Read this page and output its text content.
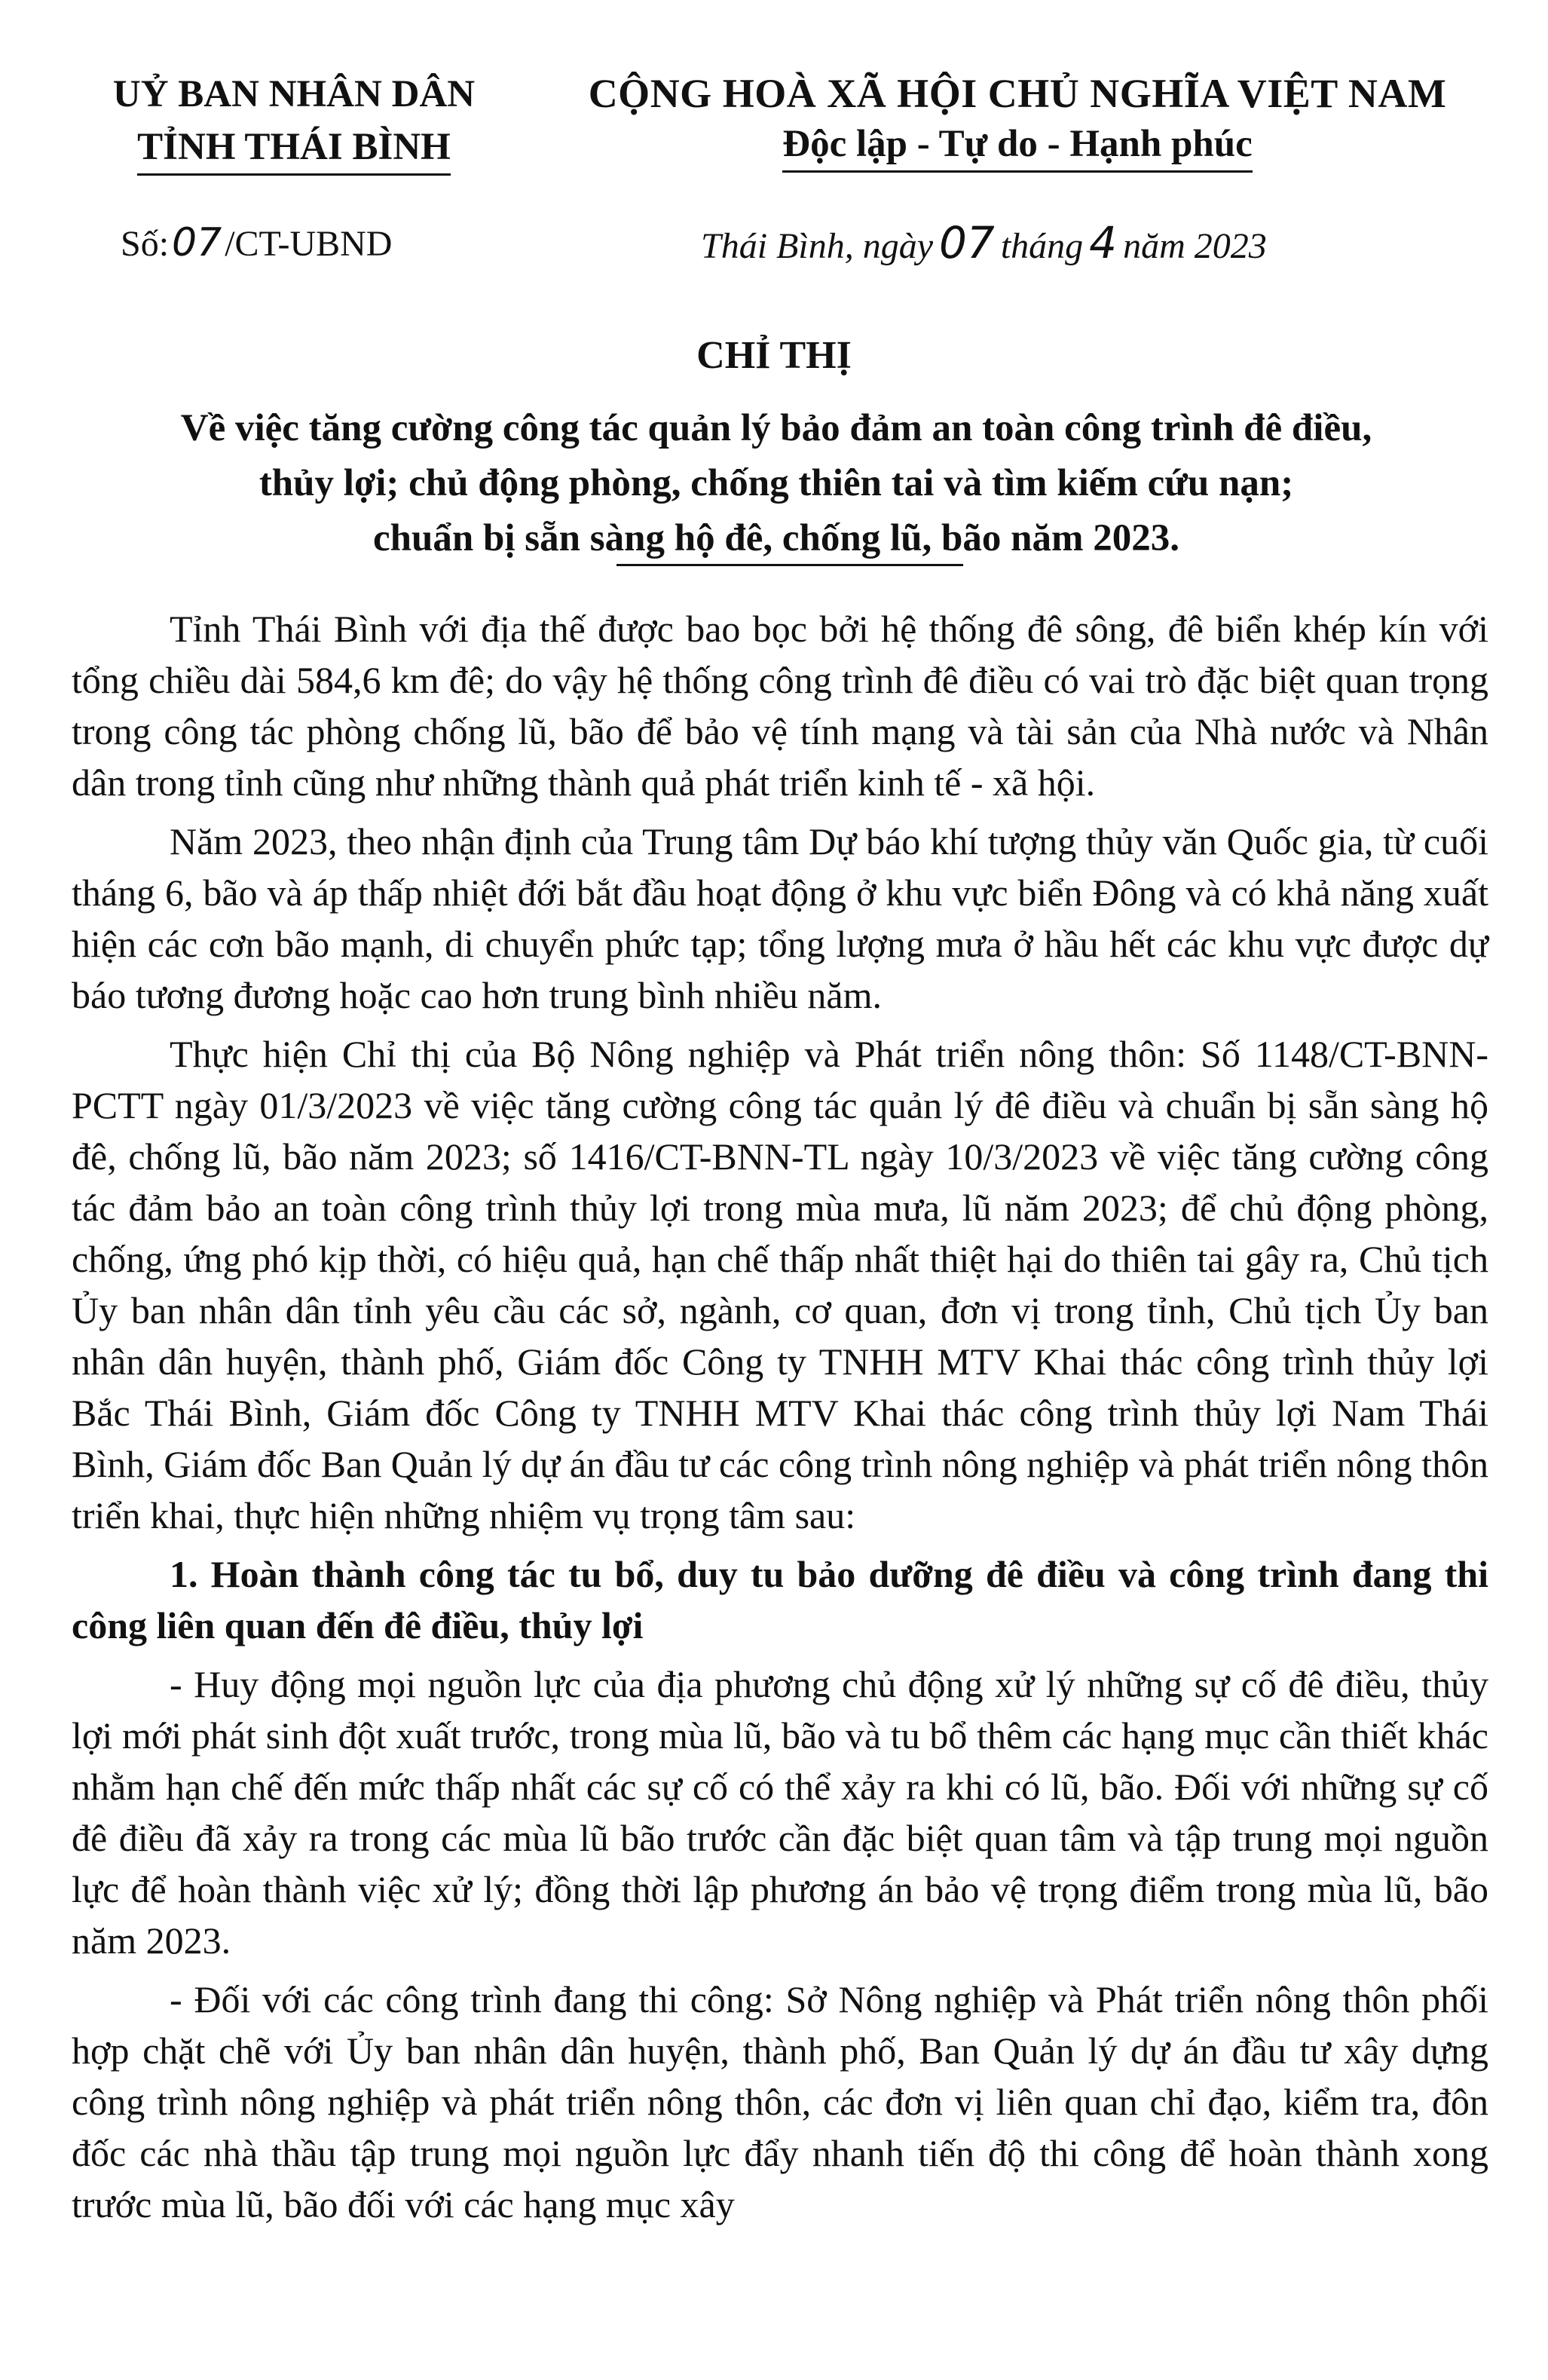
UỶ BAN NHÂN DÂN
TỈNH THÁI BÌNH
CỘNG HOÀ XÃ HỘI CHỦ NGHĨA VIỆT NAM
Độc lập - Tự do - Hạnh phúc
Số:07/CT-UBND	Thái Bình, ngày 07 tháng 4 năm 2023
CHỈ THỊ
Về việc tăng cường công tác quản lý bảo đảm an toàn công trình đê điều,
thủy lợi; chủ động phòng, chống thiên tai và tìm kiếm cứu nạn;
chuẩn bị sẵn sàng hộ đê, chống lũ, bão năm 2023.

Tỉnh Thái Bình với địa thế được bao bọc bởi hệ thống đê sông, đê biển khép kín với tổng chiều dài 584,6 km đê; do vậy hệ thống công trình đê điều có vai trò đặc biệt quan trọng trong công tác phòng chống lũ, bão để bảo vệ tính mạng và tài sản của Nhà nước và Nhân dân trong tỉnh cũng như những thành quả phát triển kinh tế - xã hội.

Năm 2023, theo nhận định của Trung tâm Dự báo khí tượng thủy văn Quốc gia, từ cuối tháng 6, bão và áp thấp nhiệt đới bắt đầu hoạt động ở khu vực biển Đông và có khả năng xuất hiện các cơn bão mạnh, di chuyển phức tạp; tổng lượng mưa ở hầu hết các khu vực được dự báo tương đương hoặc cao hơn trung bình nhiều năm.

Thực hiện Chỉ thị của Bộ Nông nghiệp và Phát triển nông thôn: Số 1148/CT-BNN-PCTT ngày 01/3/2023 về việc tăng cường công tác quản lý đê điều và chuẩn bị sẵn sàng hộ đê, chống lũ, bão năm 2023; số 1416/CT-BNN-TL ngày 10/3/2023 về việc tăng cường công tác đảm bảo an toàn công trình thủy lợi trong mùa mưa, lũ năm 2023; để chủ động phòng, chống, ứng phó kịp thời, có hiệu quả, hạn chế thấp nhất thiệt hại do thiên tai gây ra, Chủ tịch Ủy ban nhân dân tỉnh yêu cầu các sở, ngành, cơ quan, đơn vị trong tỉnh, Chủ tịch Ủy ban nhân dân huyện, thành phố, Giám đốc Công ty TNHH MTV Khai thác công trình thủy lợi Bắc Thái Bình, Giám đốc Công ty TNHH MTV Khai thác công trình thủy lợi Nam Thái Bình, Giám đốc Ban Quản lý dự án đầu tư các công trình nông nghiệp và phát triển nông thôn triển khai, thực hiện những nhiệm vụ trọng tâm sau:

1. Hoàn thành công tác tu bổ, duy tu bảo dưỡng đê điều và công trình đang thi công liên quan đến đê điều, thủy lợi

- Huy động mọi nguồn lực của địa phương chủ động xử lý những sự cố đê điều, thủy lợi mới phát sinh đột xuất trước, trong mùa lũ, bão và tu bổ thêm các hạng mục cần thiết khác nhằm hạn chế đến mức thấp nhất các sự cố có thể xảy ra khi có lũ, bão. Đối với những sự cố đê điều đã xảy ra trong các mùa lũ bão trước cần đặc biệt quan tâm và tập trung mọi nguồn lực để hoàn thành việc xử lý; đồng thời lập phương án bảo vệ trọng điểm trong mùa lũ, bão năm 2023.

- Đối với các công trình đang thi công: Sở Nông nghiệp và Phát triển nông thôn phối hợp chặt chẽ với Ủy ban nhân dân huyện, thành phố, Ban Quản lý dự án đầu tư xây dựng công trình nông nghiệp và phát triển nông thôn, các đơn vị liên quan chỉ đạo, kiểm tra, đôn đốc các nhà thầu tập trung mọi nguồn lực đẩy nhanh tiến độ thi công để hoàn thành xong trước mùa lũ, bão đối với các hạng mục xây
